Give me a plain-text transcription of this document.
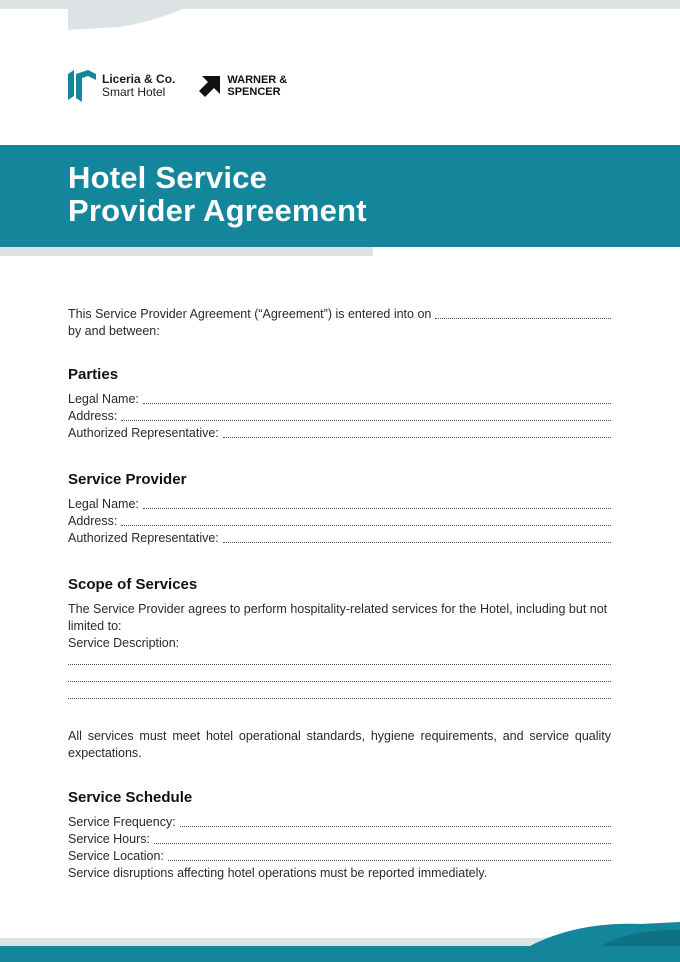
Liceria & Co.
Smart Hotel
WARNER &
SPENCER
Hotel Service
Provider Agreement
This Service Provider Agreement (“Agreement”) is entered into on

by and between:

Parties
Legal Name:
Address:
Authorized Representative:
Service Provider
Legal Name:
Address:
Authorized Representative:
Scope of Services

The Service Provider agrees to perform hospitality-related services for the Hotel, including but not limited to:

Service Description:

All services must meet hotel operational standards, hygiene requirements, and service quality expectations.

Service Schedule
Service Frequency:
Service Hours:
Service Location:

Service disruptions affecting hotel operations must be reported immediately.
